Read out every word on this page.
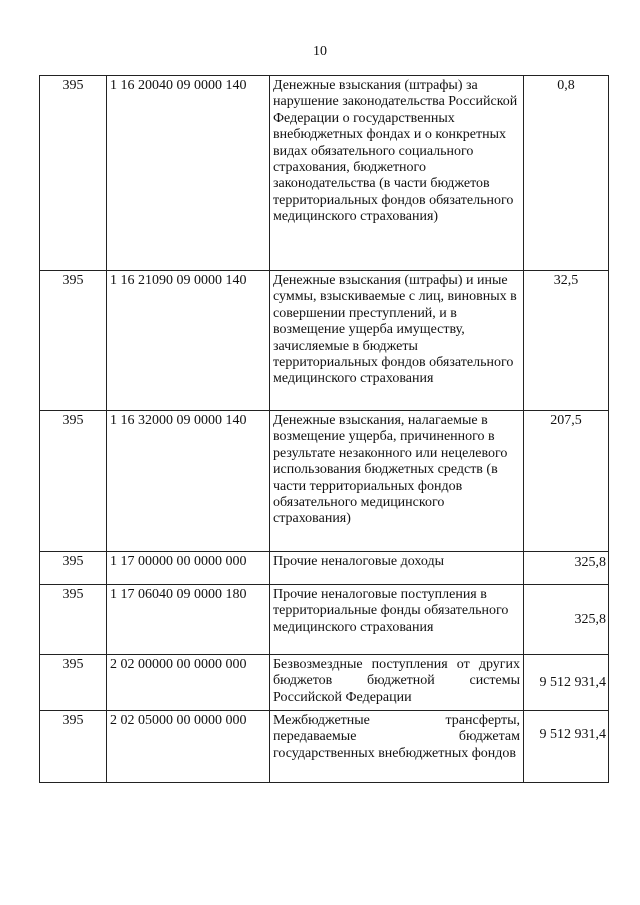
10
395	1 16 20040 09 0000 140	Денежные взыскания (штрафы) за нарушение законодательства Российской Федерации о государственных внебюджетных фондах и о конкретных видах обязательного социального страхования, бюджетного законодательства (в части бюджетов территориальных фондов обязательного медицинского страхования)	0,8
395	1 16 21090 09 0000 140	Денежные взыскания (штрафы) и иные суммы, взыскиваемые с лиц, виновных в совершении преступлений, и в возмещение ущерба имуществу, зачисляемые в бюджеты территориальных фондов обязательного медицинского страхования	32,5
395	1 16 32000 09 0000 140	Денежные взыскания, налагаемые в возмещение ущерба, причиненного в результате незаконного или нецелевого использования бюджетных средств (в части территориальных фондов обязательного медицинского страхования)	207,5
395	1 17 00000 00 0000 000	Прочие неналоговые доходы	325,8
395	1 17 06040 09 0000 180	Прочие неналоговые поступления в территориальные фонды обязательного медицинского страхования	325,8
395	2 02 00000 00 0000 000	Безвозмездные поступления от других бюджетов бюджетной системы Российской Федерации	9 512 931,4
395	2 02 05000 00 0000 000	Межбюджетные трансферты, передаваемые бюджетам государственных внебюджетных фондов	9 512 931,4
